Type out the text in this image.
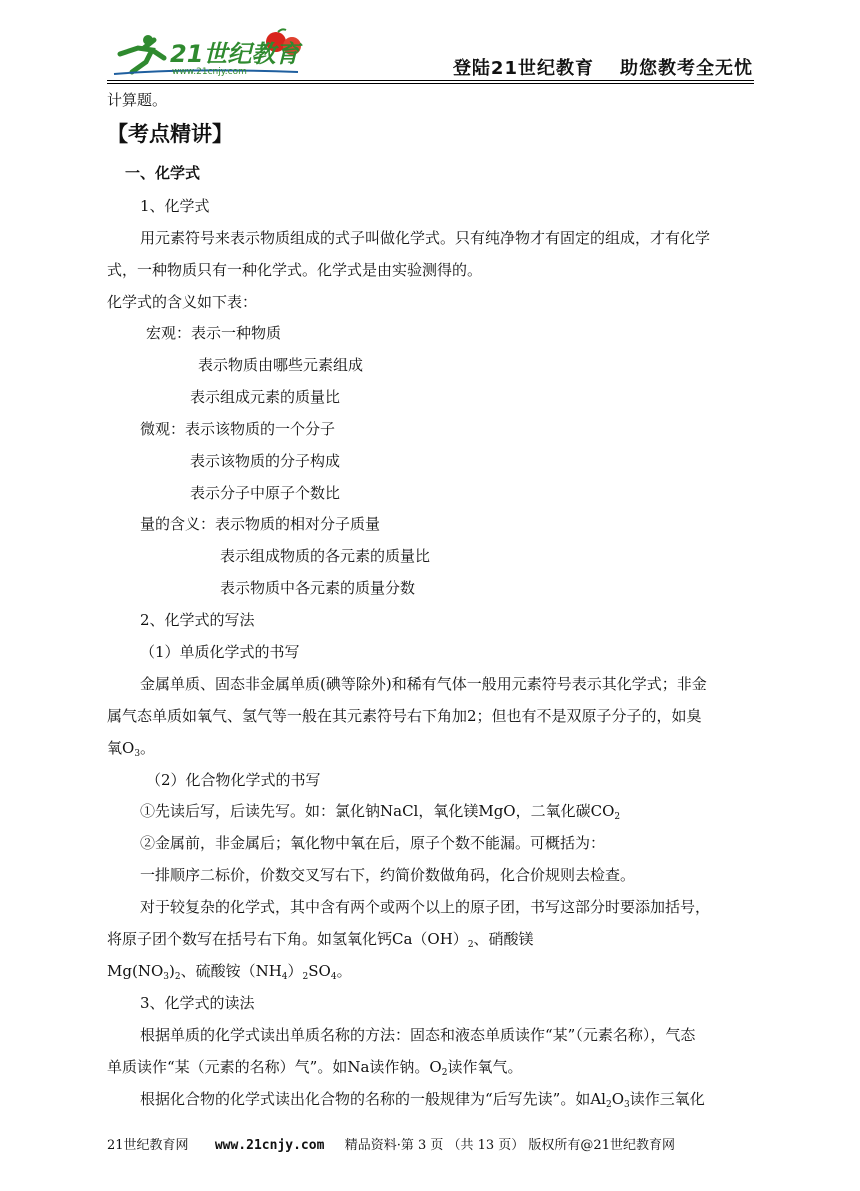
21世纪教育
www.21cnjy.com	登陆21世纪教育 助您教考全无忧
计算题。
【考点精讲】
一、化学式
1、化学式
用元素符号来表示物质组成的式子叫做化学式。只有纯净物才有固定的组成，才有化学
式，一种物质只有一种化学式。化学式是由实验测得的。
化学式的含义如下表：
宏观：表示一种物质
表示物质由哪些元素组成
表示组成元素的质量比
微观：表示该物质的一个分子
表示该物质的分子构成
表示分子中原子个数比
量的含义：表示物质的相对分子质量
表示组成物质的各元素的质量比
表示物质中各元素的质量分数
2、化学式的写法
（1）单质化学式的书写
金属单质、固态非金属单质(碘等除外)和稀有气体一般用元素符号表示其化学式；非金
属气态单质如氧气、氢气等一般在其元素符号右下角加2；但也有不是双原子分子的，如臭
氧$O_3$。
（2）化合物化学式的书写
①先读后写，后读先写。如：氯化钠NaCl，氧化镁MgO，二氧化碳$CO_2$
②金属前，非金属后；氧化物中氧在后，原子个数不能漏。可概括为：
一排顺序二标价，价数交叉写右下，约简价数做角码，化合价规则去检查。
对于较复杂的化学式，其中含有两个或两个以上的原子团，书写这部分时要添加括号，
将原子团个数写在括号右下角。如氢氧化钙$Ca(OH)_2$、硝酸镁
$Mg(NO_3)_2$、硫酸铵$(NH_4)_2SO_4$。
3、化学式的读法
根据单质的化学式读出单质名称的方法：固态和液态单质读作“某”（元素名称），气态
单质读作“某（元素的名称）气”。如Na读作钠。$O_2$读作氧气。
根据化合物的化学式读出化合物的名称的一般规律为“后写先读”。如$Al_2O_3$读作三氧化
21世纪教育网 www.21cnjy.com 精品资料·第 3 页 （共 13 页） 版权所有@21世纪教育网
